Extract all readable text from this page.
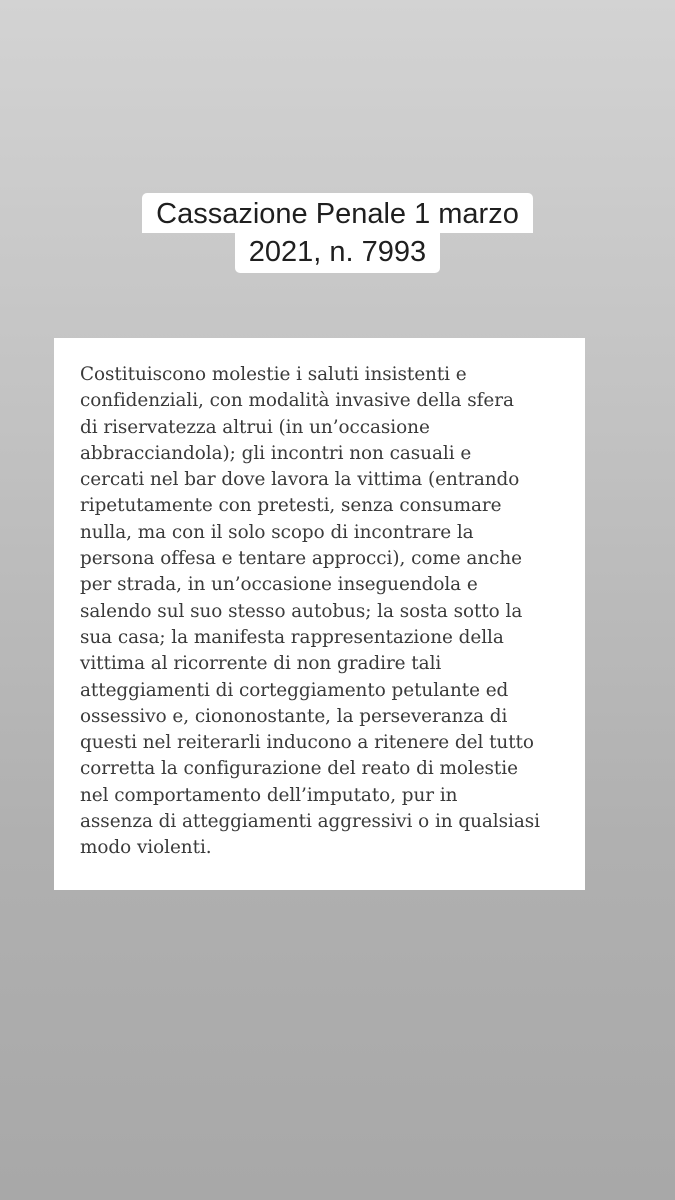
Cassazione Penale 1 marzo
2021, n. 7993

Costituiscono molestie i saluti insistenti e
confidenziali, con modalità invasive della sfera
di riservatezza altrui (in un’occasione
abbracciandola); gli incontri non casuali e
cercati nel bar dove lavora la vittima (entrando
ripetutamente con pretesti, senza consumare
nulla, ma con il solo scopo di incontrare la
persona offesa e tentare approcci), come anche
per strada, in un’occasione inseguendola e
salendo sul suo stesso autobus; la sosta sotto la
sua casa; la manifesta rappresentazione della
vittima al ricorrente di non gradire tali
atteggiamenti di corteggiamento petulante ed
ossessivo e, ciononostante, la perseveranza di
questi nel reiterarli inducono a ritenere del tutto
corretta la configurazione del reato di molestie
nel comportamento dell’imputato, pur in
assenza di atteggiamenti aggressivi o in qualsiasi
modo violenti.
